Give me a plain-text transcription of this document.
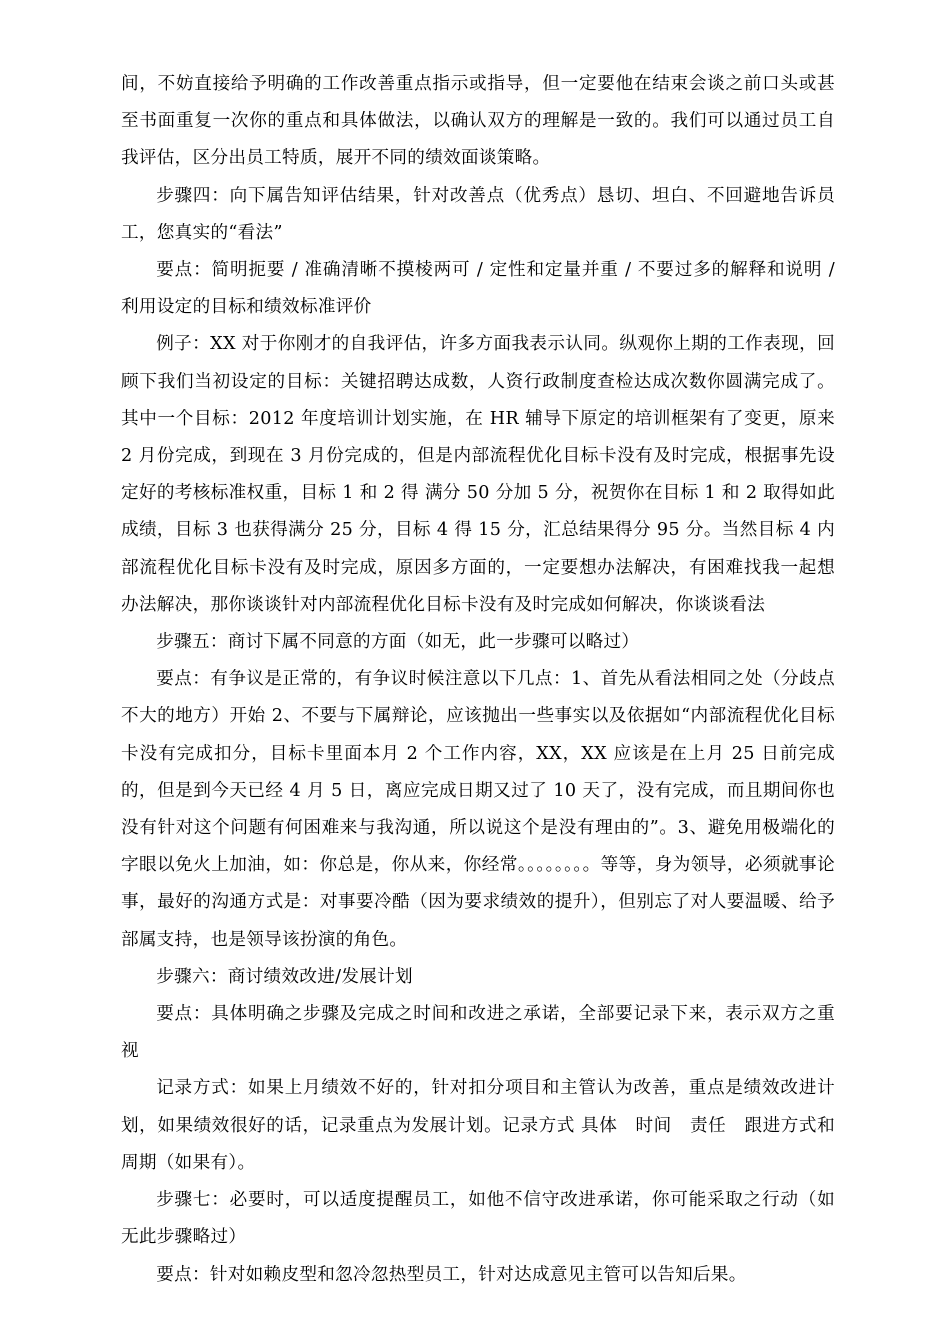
间，不妨直接给予明确的工作改善重点指示或指导，但一定要他在结束会谈之前口头或甚至书面重复一次你的重点和具体做法，以确认双方的理解是一致的。我们可以通过员工自我评估，区分出员工特质，展开不同的绩效面谈策略。

步骤四：向下属告知评估结果，针对改善点（优秀点）恳切、坦白、不回避地告诉员工，您真实的“看法”

要点：简明扼要 / 准确清晰不摸棱两可 / 定性和定量并重 / 不要过多的解释和说明 / 利用设定的目标和绩效标准评价

例子：XX 对于你刚才的自我评估，许多方面我表示认同。纵观你上期的工作表现，回顾下我们当初设定的目标：关键招聘达成数，人资行政制度查检达成次数你圆满完成了。其中一个目标：2012 年度培训计划实施，在 HR 辅导下原定的培训框架有了变更，原来 2 月份完成，到现在 3 月份完成的，但是内部流程优化目标卡没有及时完成，根据事先设定好的考核标准权重，目标 1 和 2 得 满分 50 分加 5 分，祝贺你在目标 1 和 2 取得如此成绩，目标 3 也获得满分 25 分，目标 4 得 15 分，汇总结果得分 95 分。当然目标 4 内部流程优化目标卡没有及时完成，原因多方面的，一定要想办法解决，有困难找我一起想办法解决，那你谈谈针对内部流程优化目标卡没有及时完成如何解决，你谈谈看法

步骤五：商讨下属不同意的方面（如无，此一步骤可以略过）

要点：有争议是正常的，有争议时候注意以下几点：1、首先从看法相同之处（分歧点不大的地方）开始 2、不要与下属辩论，应该抛出一些事实以及依据如“内部流程优化目标卡没有完成扣分，目标卡里面本月 2 个工作内容，XX，XX 应该是在上月 25 日前完成的，但是到今天已经 4 月 5 日，离应完成日期又过了 10 天了，没有完成，而且期间你也没有针对这个问题有何困难来与我沟通，所以说这个是没有理由的”。3、避免用极端化的字眼以免火上加油，如：你总是，你从来，你经常。。。。。。。。等等，身为领导，必须就事论事，最好的沟通方式是：对事要冷酷（因为要求绩效的提升），但别忘了对人要温暖、给予部属支持，也是领导该扮演的角色。

步骤六：商讨绩效改进/发展计划

要点：具体明确之步骤及完成之时间和改进之承诺，全部要记录下来，表示双方之重视

记录方式：如果上月绩效不好的，针对扣分项目和主管认为改善，重点是绩效改进计划，如果绩效很好的话，记录重点为发展计划。记录方式 具体　时间　责任　跟进方式和周期（如果有）。

步骤七：必要时，可以适度提醒员工，如他不信守改进承诺，你可能采取之行动（如无此步骤略过）

要点：针对如赖皮型和忽冷忽热型员工，针对达成意见主管可以告知后果。
